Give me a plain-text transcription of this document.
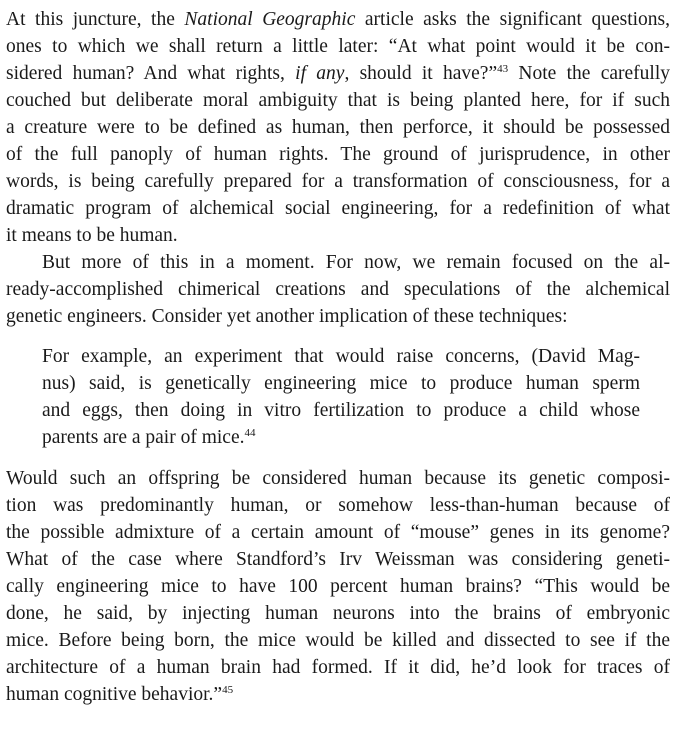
At this juncture, the National Geographic article asks the significant questions,
ones to which we shall return a little later: “At what point would it be con-
sidered human? And what rights, if any, should it have?”$^{43}$ Note the carefully
couched but deliberate moral ambiguity that is being planted here, for if such
a creature were to be defined as human, then perforce, it should be possessed
of the full panoply of human rights. The ground of jurisprudence, in other
words, is being carefully prepared for a transformation of consciousness, for a
dramatic program of alchemical social engineering, for a redefinition of what
it means to be human.
But more of this in a moment. For now, we remain focused on the al-
ready-accomplished chimerical creations and speculations of the alchemical
genetic engineers. Consider yet another implication of these techniques:
For example, an experiment that would raise concerns, (David Mag-
nus) said, is genetically engineering mice to produce human sperm
and eggs, then doing in vitro fertilization to produce a child whose
parents are a pair of mice.$^{44}$
Would such an offspring be considered human because its genetic composi-
tion was predominantly human, or somehow less-than-human because of
the possible admixture of a certain amount of “mouse” genes in its genome?
What of the case where Standford’s Irv Weissman was considering geneti-
cally engineering mice to have 100 percent human brains? “This would be
done, he said, by injecting human neurons into the brains of embryonic
mice. Before being born, the mice would be killed and dissected to see if the
architecture of a human brain had formed. If it did, he’d look for traces of
human cognitive behavior.”$^{45}$
